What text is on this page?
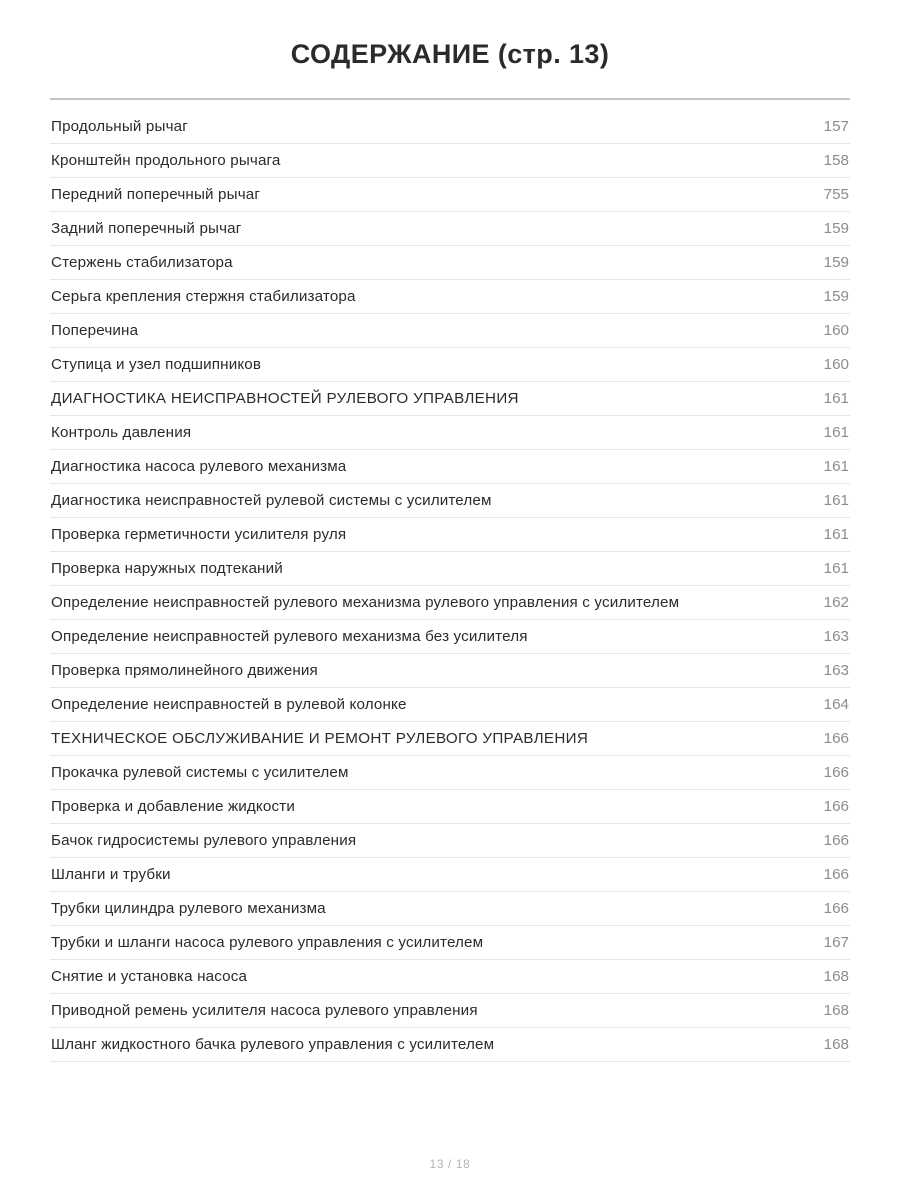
СОДЕРЖАНИЕ (стр. 13)
Продольный рычаг	157
Кронштейн продольного рычага	158
Передний поперечный рычаг	755
Задний поперечный рычаг	159
Стержень стабилизатора	159
Серьга крепления стержня стабилизатора	159
Поперечина	160
Ступица и узел подшипников	160
ДИАГНОСТИКА НЕИСПРАВНОСТЕЙ РУЛЕВОГО УПРАВЛЕНИЯ	161
Контроль давления	161
Диагностика насоса рулевого механизма	161
Диагностика неисправностей рулевой системы с усилителем	161
Проверка герметичности усилителя руля	161
Проверка наружных подтеканий	161
Определение неисправностей рулевого механизма рулевого управления с усилителем	162
Определение неисправностей рулевого механизма без усилителя	163
Проверка прямолинейного движения	163
Определение неисправностей в рулевой колонке	164
ТЕХНИЧЕСКОЕ ОБСЛУЖИВАНИЕ И РЕМОНТ РУЛЕВОГО УПРАВЛЕНИЯ	166
Прокачка рулевой системы с усилителем	166
Проверка и добавление жидкости	166
Бачок гидросистемы рулевого управления	166
Шланги и трубки	166
Трубки цилиндра рулевого механизма	166
Трубки и шланги насоса рулевого управления с усилителем	167
Снятие и установка насоса	168
Приводной ремень усилителя насоса рулевого управления	168
Шланг жидкостного бачка рулевого управления с усилителем	168
13 / 18
